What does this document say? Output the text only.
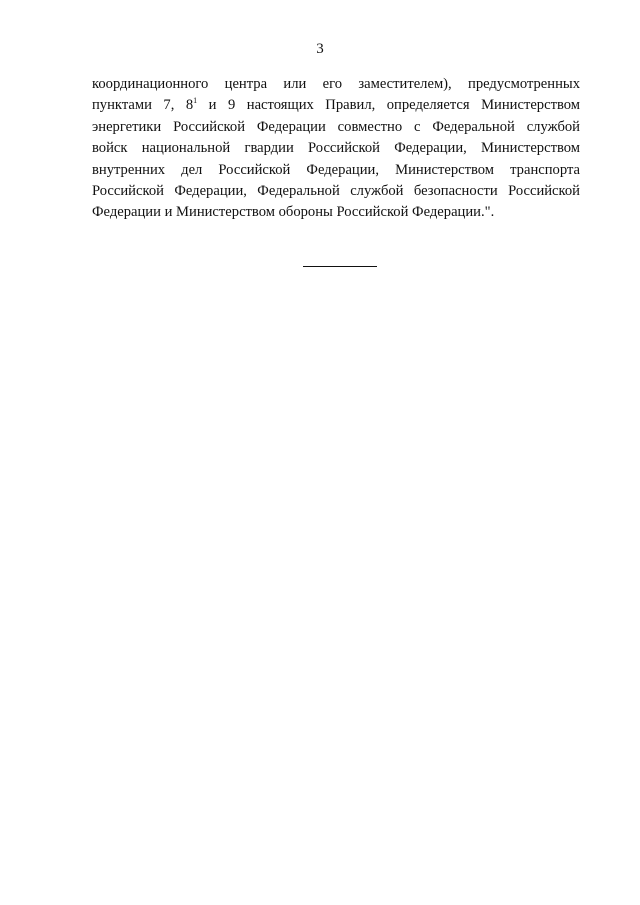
3
координационного центра или его заместителем), предусмотренных
пунктами 7, $8^1$ и 9 настоящих Правил, определяется Министерством
энергетики Российской Федерации совместно с Федеральной службой
войск национальной гвардии Российской Федерации, Министерством
внутренних дел Российской Федерации, Министерством транспорта
Российской Федерации, Федеральной службой безопасности Российской
Федерации и Министерством обороны Российской Федерации.".
